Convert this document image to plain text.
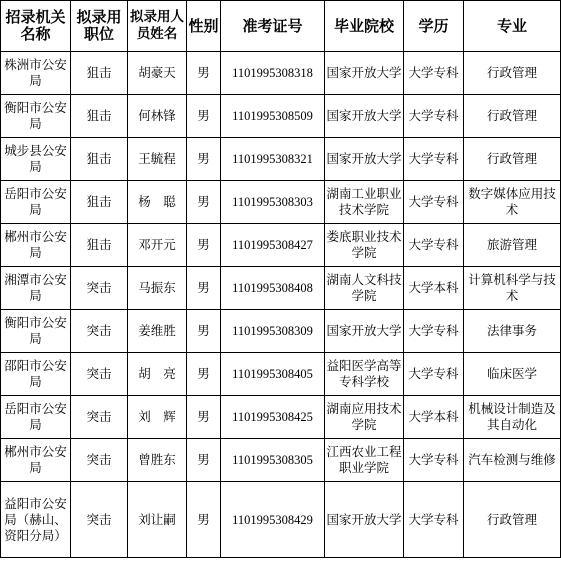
招录机关名称	拟录用职位	拟录用人员姓名	性别	准考证号	毕业院校	学历	专业
株洲市公安局	狙击	胡豪天	男	1101995308318	国家开放大学	大学专科	行政管理
衡阳市公安局	狙击	何林锋	男	1101995308509	国家开放大学	大学专科	行政管理
城步县公安局	狙击	王毓程	男	1101995308321	国家开放大学	大学专科	行政管理
岳阳市公安局	狙击	杨　聪	男	1101995308303	湖南工业职业技术学院	大学专科	数字媒体应用技术
郴州市公安局	狙击	邓开元	男	1101995308427	娄底职业技术学院	大学专科	旅游管理
湘潭市公安局	突击	马振东	男	1101995308408	湖南人文科技学院	大学本科	计算机科学与技术
衡阳市公安局	突击	姜维胜	男	1101995308309	国家开放大学	大学专科	法律事务
邵阳市公安局	突击	胡　亮	男	1101995308405	益阳医学高等专科学校	大学专科	临床医学
岳阳市公安局	突击	刘　辉	男	1101995308425	湖南应用技术学院	大学本科	机械设计制造及其自动化
郴州市公安局	突击	曾胜东	男	1101995308305	江西农业工程职业学院	大学专科	汽车检测与维修
益阳市公安局（赫山、资阳分局）	突击	刘让嗣	男	1101995308429	国家开放大学	大学专科	行政管理
